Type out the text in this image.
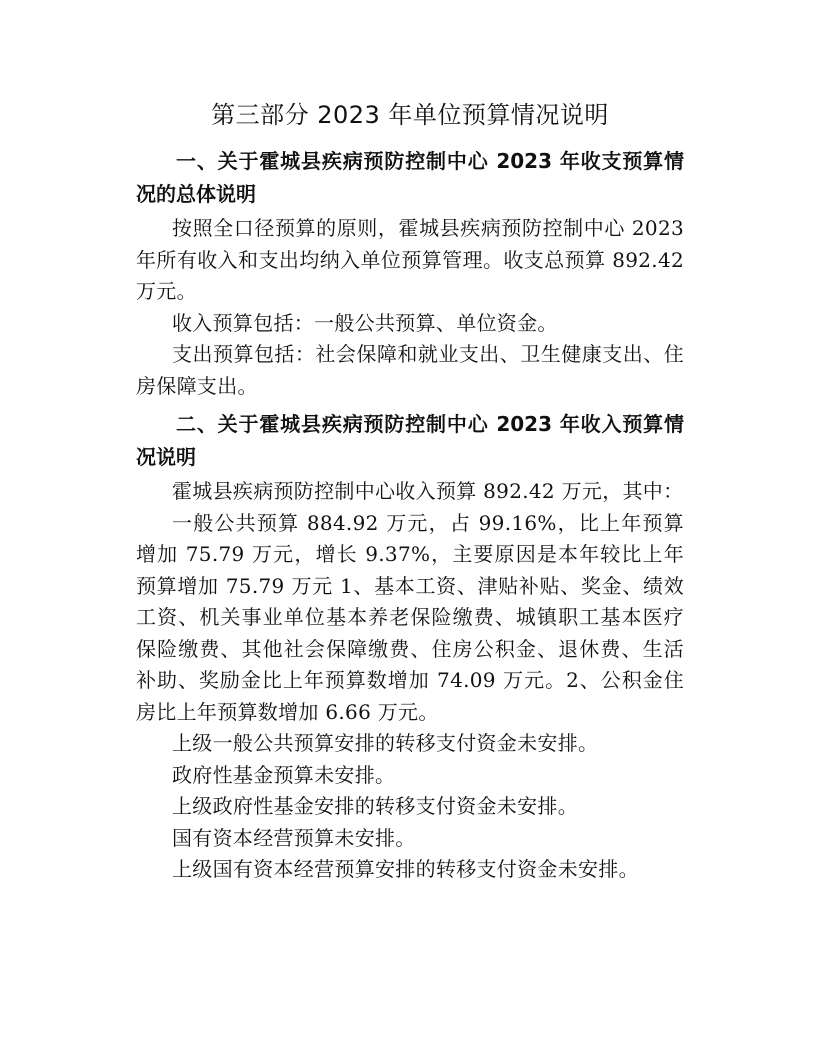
第三部分 2023 年单位预算情况说明
一、关于霍城县疾病预防控制中心 2023 年收支预算情况的总体说明

按照全口径预算的原则，霍城县疾病预防控制中心 2023 年所有收入和支出均纳入单位预算管理。收支总预算 892.42 万元。

收入预算包括：一般公共预算、单位资金。

支出预算包括：社会保障和就业支出、卫生健康支出、住房保障支出。

二、关于霍城县疾病预防控制中心 2023 年收入预算情况说明

霍城县疾病预防控制中心收入预算 892.42 万元，其中：

一般公共预算 884.92 万元，占 99.16%，比上年预算增加 75.79 万元，增长 9.37%，主要原因是本年较比上年预算增加 75.79 万元 1、基本工资、津贴补贴、奖金、绩效工资、机关事业单位基本养老保险缴费、城镇职工基本医疗保险缴费、其他社会保障缴费、住房公积金、退休费、生活补助、奖励金比上年预算数增加 74.09 万元。2、公积金住房比上年预算数增加 6.66 万元。

上级一般公共预算安排的转移支付资金未安排。

政府性基金预算未安排。

上级政府性基金安排的转移支付资金未安排。

国有资本经营预算未安排。

上级国有资本经营预算安排的转移支付资金未安排。
